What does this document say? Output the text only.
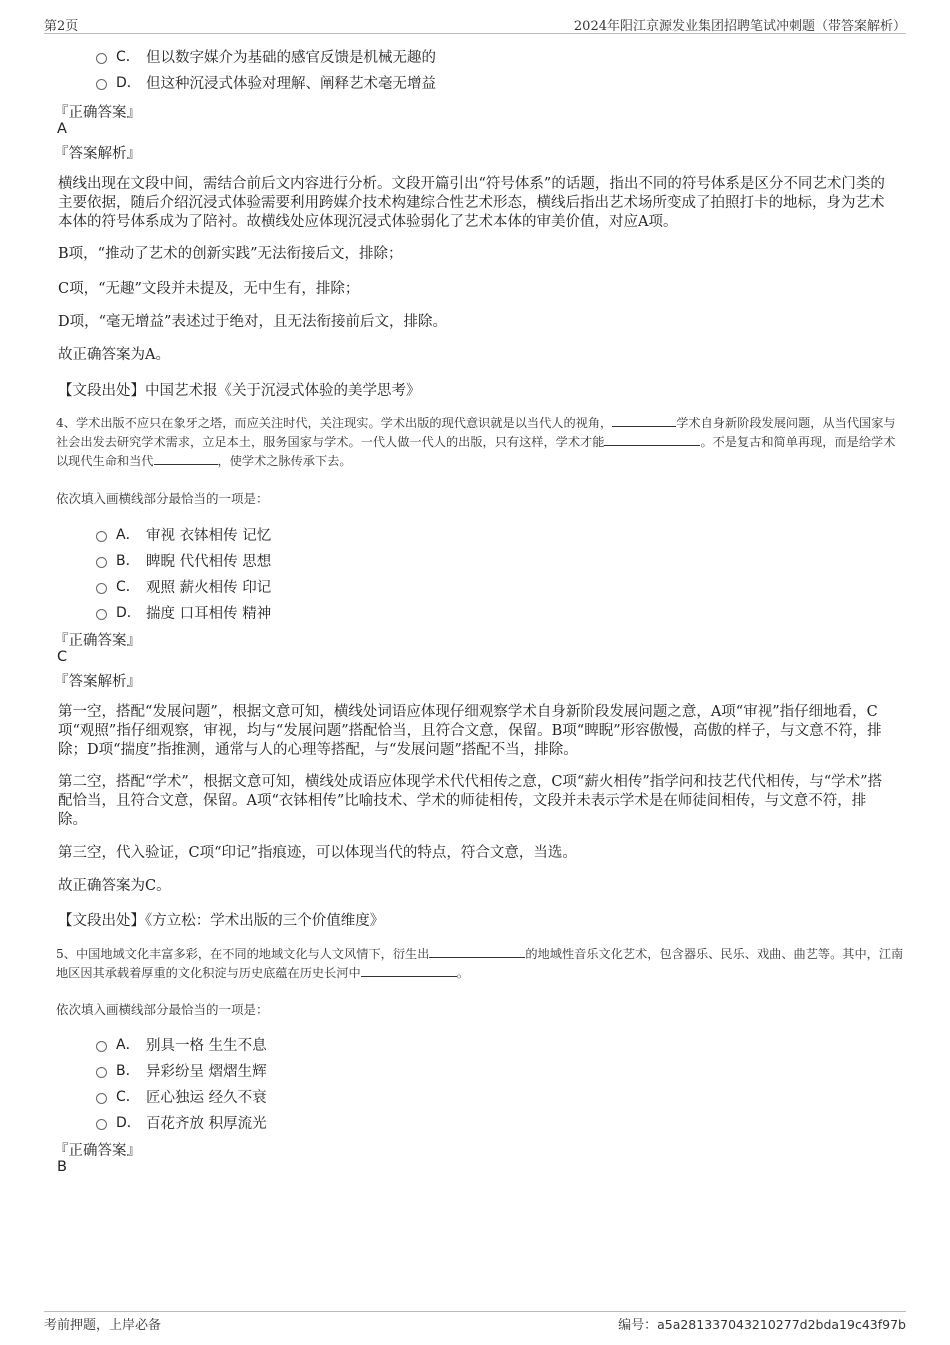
第2页	2024年阳江京源发业集团招聘笔试冲刺题（带答案解析）
C． 但以数字媒介为基础的感官反馈是机械无趣的
D． 但这种沉浸式体验对理解、阐释艺术毫无增益
『正确答案』
A
『答案解析』
横线出现在文段中间，需结合前后文内容进行分析。文段开篇引出“符号体系”的话题，指出不同的符号体系是区分不同艺术门类的主要依据，随后介绍沉浸式体验需要利用跨媒介技术构建综合性艺术形态，横线后指出艺术场所变成了拍照打卡的地标，身为艺术本体的符号体系成为了陪衬。故横线处应体现沉浸式体验弱化了艺术本体的审美价值，对应A项。
B项，“推动了艺术的创新实践”无法衔接后文，排除；
C项，“无趣”文段并未提及，无中生有，排除；
D项，“毫无增益”表述过于绝对，且无法衔接前后文，排除。
故正确答案为A。
【文段出处】中国艺术报《关于沉浸式体验的美学思考》
4、学术出版不应只在象牙之塔，而应关注时代，关注现实。学术出版的现代意识就是以当代人的视角，	学术自身新阶段发展问题，从当代国家与社会出发去研究学术需求，立足本土，服务国家与学术。一代人做一代人的出版，只有这样，学术才能	。不是复古和简单再现，而是给学术以现代生命和当代	，使学术之脉传承下去。
依次填入画横线部分最恰当的一项是：
A． 审视 衣钵相传 记忆
B． 睥睨 代代相传 思想
C． 观照 薪火相传 印记
D． 揣度 口耳相传 精神
『正确答案』
C
『答案解析』
第一空，搭配“发展问题”，根据文意可知，横线处词语应体现仔细观察学术自身新阶段发展问题之意，A项“审视”指仔细地看，C项“观照”指仔细观察，审视，均与“发展问题”搭配恰当，且符合文意，保留。B项“睥睨”形容傲慢，高傲的样子，与文意不符，排除；D项“揣度”指推测，通常与人的心理等搭配，与“发展问题”搭配不当，排除。
第二空，搭配“学术”，根据文意可知，横线处成语应体现学术代代相传之意，C项“薪火相传”指学问和技艺代代相传，与“学术”搭配恰当，且符合文意，保留。A项“衣钵相传”比喻技术、学术的师徒相传，文段并未表示学术是在师徒间相传，与文意不符，排除。
第三空，代入验证，C项“印记”指痕迹，可以体现当代的特点，符合文意，当选。
故正确答案为C。
【文段出处】《方立松：学术出版的三个价值维度》
5、中国地域文化丰富多彩，在不同的地域文化与人文风情下，衍生出	的地域性音乐文化艺术，包含器乐、民乐、戏曲、曲艺等。其中，江南地区因其承载着厚重的文化积淀与历史底蕴在历史长河中	。
依次填入画横线部分最恰当的一项是：
A． 别具一格 生生不息
B． 异彩纷呈 熠熠生辉
C． 匠心独运 经久不衰
D． 百花齐放 积厚流光
『正确答案』
B
考前押题，上岸必备	编号：a5a28133704321027​7d2bda19c43f97b
